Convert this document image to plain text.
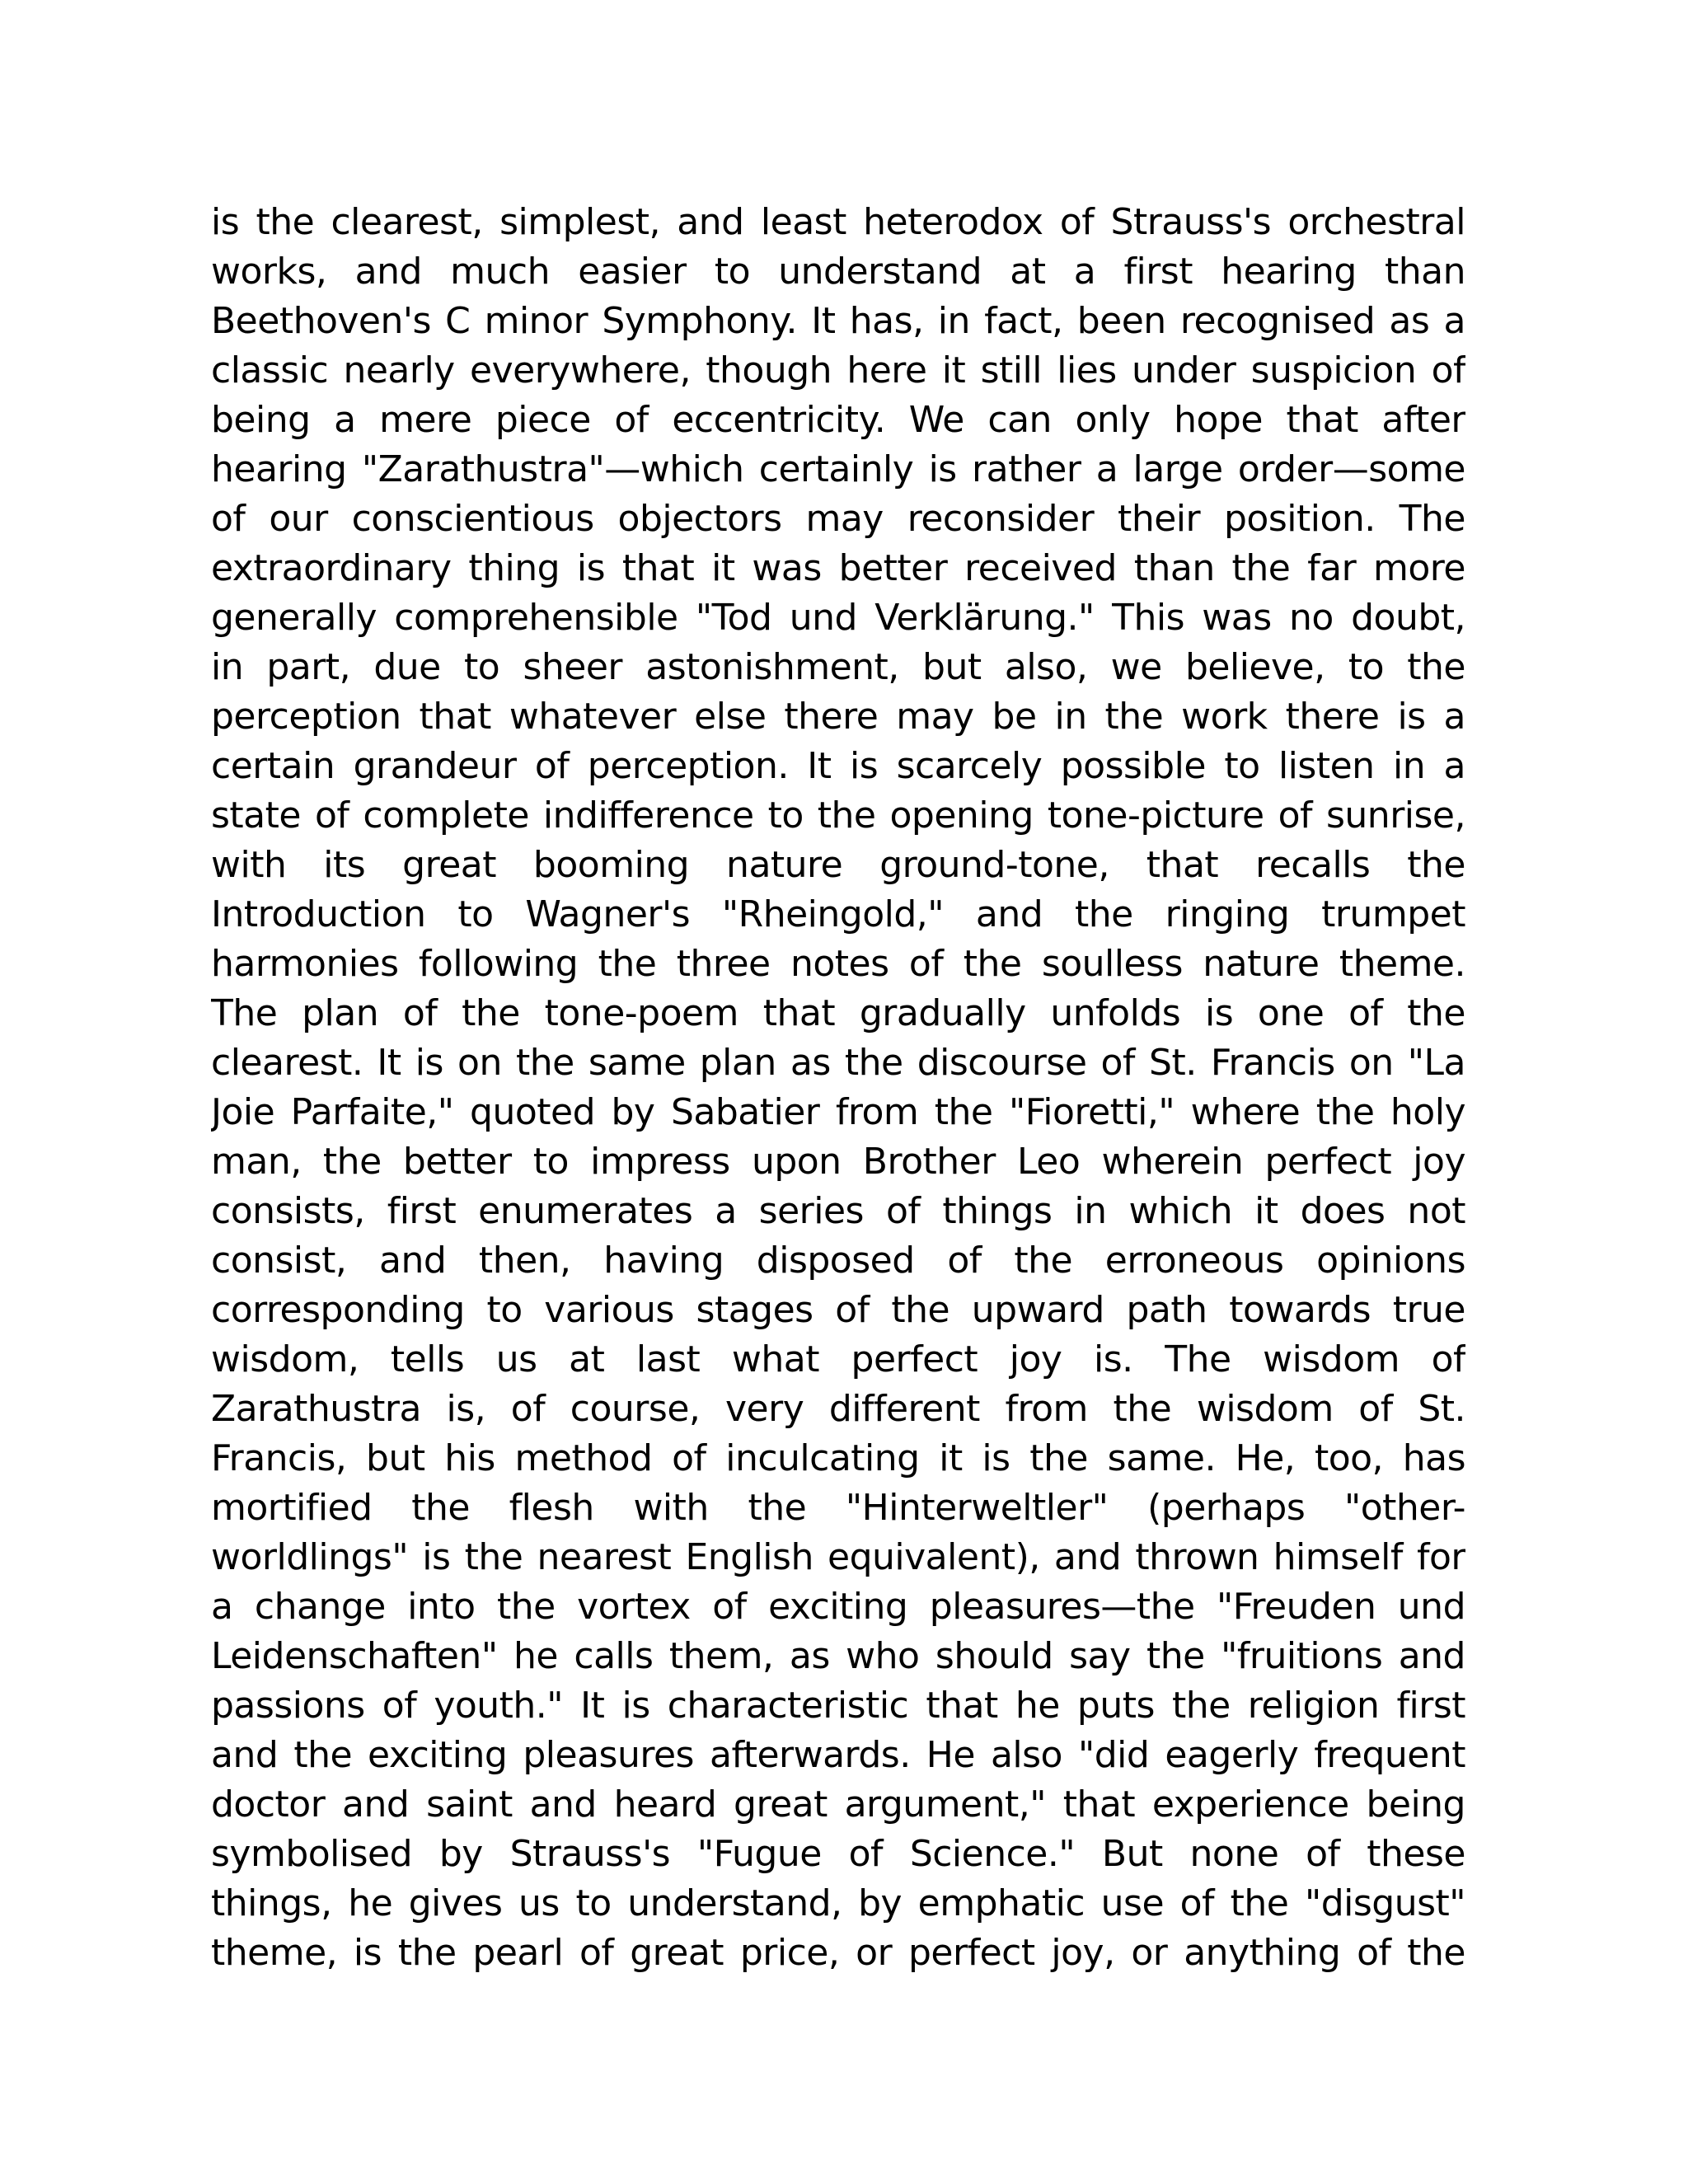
is the clearest, simplest, and least heterodox of Strauss's orchestral
works, and much easier to understand at a first hearing than
Beethoven's C minor Symphony. It has, in fact, been recognised as a
classic nearly everywhere, though here it still lies under suspicion of
being a mere piece of eccentricity. We can only hope that after
hearing "Zarathustra"—which certainly is rather a large order—some
of our conscientious objectors may reconsider their position. The
extraordinary thing is that it was better received than the far more
generally comprehensible "Tod und Verklärung." This was no doubt,
in part, due to sheer astonishment, but also, we believe, to the
perception that whatever else there may be in the work there is a
certain grandeur of perception. It is scarcely possible to listen in a
state of complete indifference to the opening tone-picture of sunrise,
with its great booming nature ground-tone, that recalls the
Introduction to Wagner's "Rheingold," and the ringing trumpet
harmonies following the three notes of the soulless nature theme.
The plan of the tone-poem that gradually unfolds is one of the
clearest. It is on the same plan as the discourse of St. Francis on "La
Joie Parfaite," quoted by Sabatier from the "Fioretti," where the holy
man, the better to impress upon Brother Leo wherein perfect joy
consists, first enumerates a series of things in which it does not
consist, and then, having disposed of the erroneous opinions
corresponding to various stages of the upward path towards true
wisdom, tells us at last what perfect joy is. The wisdom of
Zarathustra is, of course, very different from the wisdom of St.
Francis, but his method of inculcating it is the same. He, too, has
mortified the flesh with the "Hinterweltler" (perhaps "other-
worldlings" is the nearest English equivalent), and thrown himself for
a change into the vortex of exciting pleasures—the "Freuden und
Leidenschaften" he calls them, as who should say the "fruitions and
passions of youth." It is characteristic that he puts the religion first
and the exciting pleasures afterwards. He also "did eagerly frequent
doctor and saint and heard great argument," that experience being
symbolised by Strauss's "Fugue of Science." But none of these
things, he gives us to understand, by emphatic use of the "disgust"
theme, is the pearl of great price, or perfect joy, or anything of the
